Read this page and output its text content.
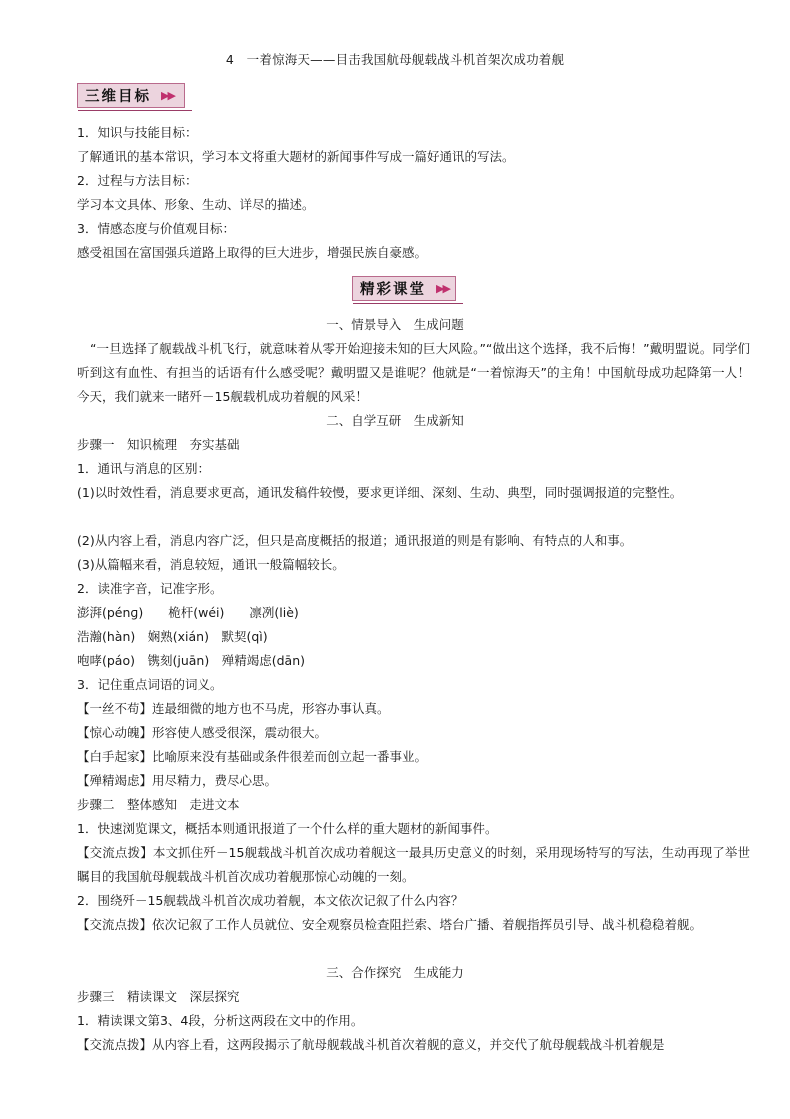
4　一着惊海天——目击我国航母舰载战斗机首架次成功着舰
三维目标 ▶▶
1．知识与技能目标：
了解通讯的基本常识，学习本文将重大题材的新闻事件写成一篇好通讯的写法。
2．过程与方法目标：
学习本文具体、形象、生动、详尽的描述。
3．情感态度与价值观目标：
感受祖国在富国强兵道路上取得的巨大进步，增强民族自豪感。
精彩课堂 ▶▶
一、情景导入　生成问题
“一旦选择了舰载战斗机飞行，就意味着从零开始迎接未知的巨大风险。”“做出这个选择，我不后悔！”戴明盟说。同学们听到这有血性、有担当的话语有什么感受呢？戴明盟又是谁呢？他就是“一着惊海天”的主角！中国航母成功起降第一人！今天，我们就来一睹歼－15舰载机成功着舰的风采！
二、自学互研　生成新知
步骤一　知识梳理　夯实基础
1．通讯与消息的区别：
(1)以时效性看，消息要求更高，通讯发稿件较慢，要求更详细、深刻、生动、典型，同时强调报道的完整性。
(2)从内容上看，消息内容广泛，但只是高度概括的报道；通讯报道的则是有影响、有特点的人和事。
(3)从篇幅来看，消息较短，通讯一般篇幅较长。
2．读准字音，记准字形。
澎湃(pénɡ)　　桅杆(wéi)　　凛冽(liè)
浩瀚(hàn)　娴熟(xián)　默契(qì)
咆哮(páo)　镌刻(juān)　殚精竭虑(dān)
3．记住重点词语的词义。
【一丝不苟】连最细微的地方也不马虎，形容办事认真。
【惊心动魄】形容使人感受很深，震动很大。
【白手起家】比喻原来没有基础或条件很差而创立起一番事业。
【殚精竭虑】用尽精力，费尽心思。
步骤二　整体感知　走进文本
1．快速浏览课文，概括本则通讯报道了一个什么样的重大题材的新闻事件。
【交流点拨】本文抓住歼－15舰载战斗机首次成功着舰这一最具历史意义的时刻，采用现场特写的写法，生动再现了举世瞩目的我国航母舰载战斗机首次成功着舰那惊心动魄的一刻。
2．围绕歼－15舰载战斗机首次成功着舰，本文依次记叙了什么内容？
【交流点拨】依次记叙了工作人员就位、安全观察员检查阻拦索、塔台广播、着舰指挥员引导、战斗机稳稳着舰。
三、合作探究　生成能力
步骤三　精读课文　深层探究
1．精读课文第3、4段，分析这两段在文中的作用。
【交流点拨】从内容上看，这两段揭示了航母舰载战斗机首次着舰的意义，并交代了航母舰载战斗机着舰是
